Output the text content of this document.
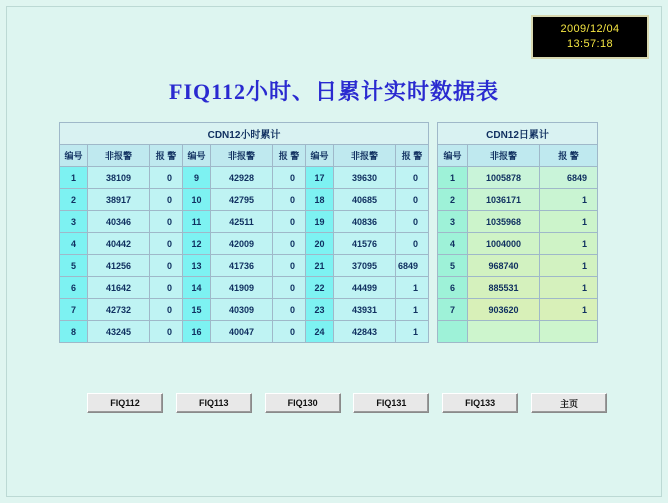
2009/12/04
13:57:18
FIQ112小时、日累计实时数据表
CDN12小时累计								
编号	非报警	报 警	编号	非报警	报 警	编号	非报警	报 警
1	38109	0	9	42928	0	17	39630	0
2	38917	0	10	42795	0	18	40685	0
3	40346	0	11	42511	0	19	40836	0
4	40442	0	12	42009	0	20	41576	0
5	41256	0	13	41736	0	21	37095	6849
6	41642	0	14	41909	0	22	44499	1
7	42732	0	15	40309	0	23	43931	1
8	43245	0	16	40047	0	24	42843	1
CDN12日累计		
编号	非报警	报 警
1	1005878	6849
2	1036171	1
3	1035968	1
4	1004000	1
5	968740	1
6	885531	1
7	903620	1

FIQ112	FIQ113	FIQ130	FIQ131	FIQ133	主页
